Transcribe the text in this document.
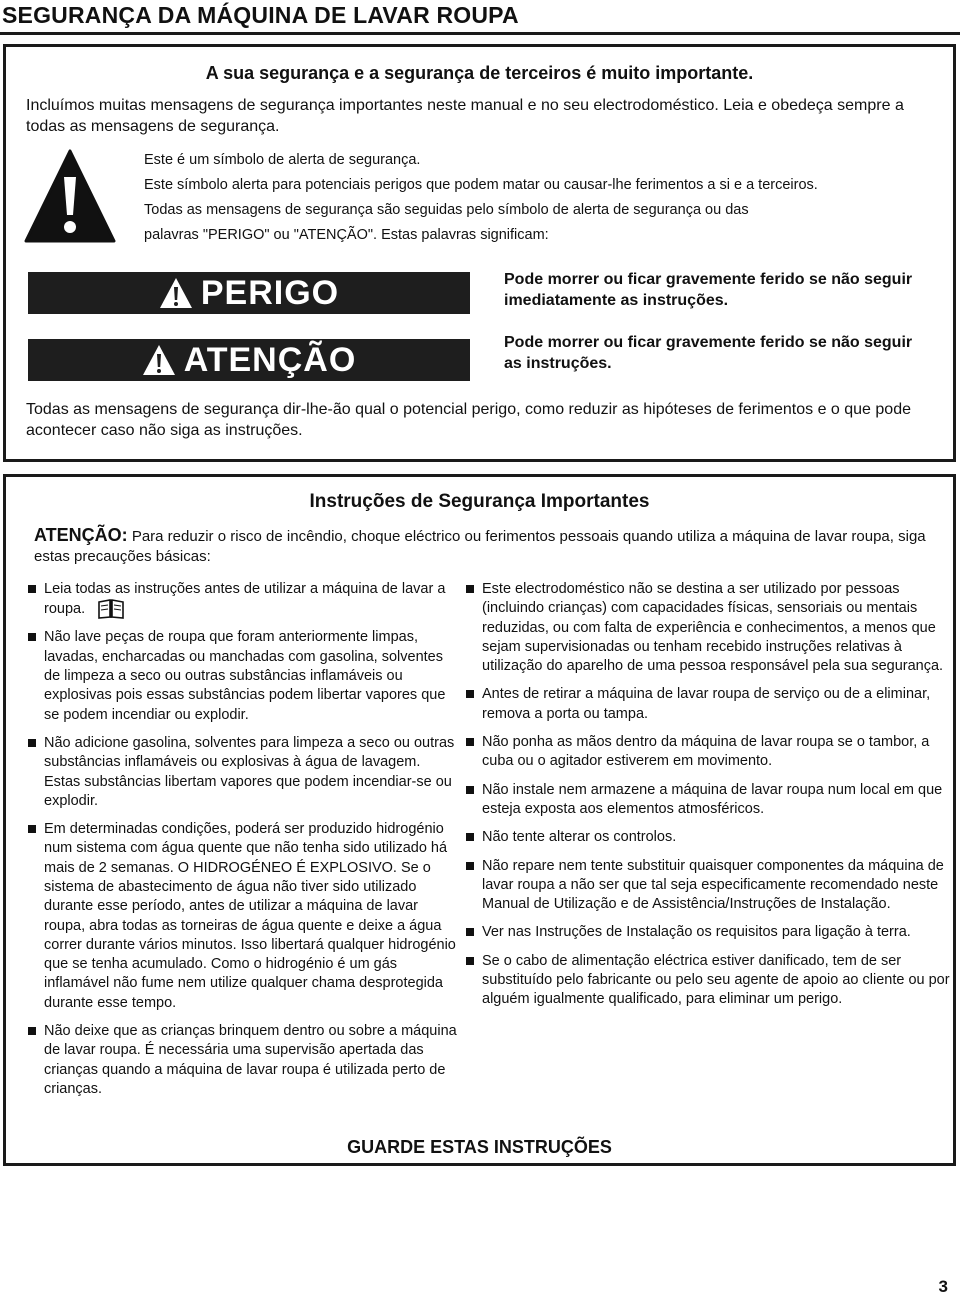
SEGURANÇA DA MÁQUINA DE LAVAR ROUPA
A sua segurança e a segurança de terceiros é muito importante.

Incluímos muitas mensagens de segurança importantes neste manual e no seu electrodoméstico. Leia e obedeça sempre a todas as mensagens de segurança.

Este é um símbolo de alerta de segurança.

Este símbolo alerta para potenciais perigos que podem matar ou causar-lhe ferimentos a si e a terceiros.

Todas as mensagens de segurança são seguidas pelo símbolo de alerta de segurança ou das

palavras "PERIGO" ou "ATENÇÃO". Estas palavras significam:

PERIGO	Pode morrer ou ficar gravemente ferido se não seguir imediatamente as instruções.

ATENÇÃO	Pode morrer ou ficar gravemente ferido se não seguir as instruções.

Todas as mensagens de segurança dir-lhe-ão qual o potencial perigo, como reduzir as hipóteses de ferimentos e o que pode acontecer caso não siga as instruções.

Instruções de Segurança Importantes

ATENÇÃO: Para reduzir o risco de incêndio, choque eléctrico ou ferimentos pessoais quando utiliza a máquina de lavar roupa, siga estas precauções básicas:

Leia todas as instruções antes de utilizar a máquina de lavar a roupa.

Não lave peças de roupa que foram anteriormente limpas, lavadas, encharcadas ou manchadas com gasolina, solventes de limpeza a seco ou outras substâncias inflamáveis ou explosivas pois essas substâncias podem libertar vapores que se podem incendiar ou explodir.

Não adicione gasolina, solventes para limpeza a seco ou outras substâncias inflamáveis ou explosivas à água de lavagem. Estas substâncias libertam vapores que podem incendiar-se ou explodir.

Em determinadas condições, poderá ser produzido hidrogénio num sistema com água quente que não tenha sido utilizado há mais de 2 semanas. O HIDROGÉNEO É EXPLOSIVO. Se o sistema de abastecimento de água não tiver sido utilizado durante esse período, antes de utilizar a máquina de lavar roupa, abra todas as torneiras de água quente e deixe a água correr durante vários minutos. Isso libertará qualquer hidrogénio que se tenha acumulado. Como o hidrogénio é um gás inflamável não fume nem utilize qualquer chama desprotegida durante esse tempo.

Não deixe que as crianças brinquem dentro ou sobre a máquina de lavar roupa. É necessária uma supervisão apertada das crianças quando a máquina de lavar roupa é utilizada perto de crianças.

Este electrodoméstico não se destina a ser utilizado por pessoas (incluindo crianças) com capacidades físicas, sensoriais ou mentais reduzidas, ou com falta de experiência e conhecimentos, a menos que sejam supervisionadas ou tenham recebido instruções relativas à utilização do aparelho de uma pessoa responsável pela sua segurança.

Antes de retirar a máquina de lavar roupa de serviço ou de a eliminar, remova a porta ou tampa.

Não ponha as mãos dentro da máquina de lavar roupa se o tambor, a cuba ou o agitador estiverem em movimento.

Não instale nem armazene a máquina de lavar roupa num local em que esteja exposta aos elementos atmosféricos.

Não tente alterar os controlos.

Não repare nem tente substituir quaisquer componentes da máquina de lavar roupa a não ser que tal seja especificamente recomendado neste Manual de Utilização e de Assistência/Instruções de Instalação.

Ver nas Instruções de Instalação os requisitos para ligação à terra.

Se o cabo de alimentação eléctrica estiver danificado, tem de ser substituído pelo fabricante ou pelo seu agente de apoio ao cliente ou por alguém igualmente qualificado, para eliminar um perigo.

GUARDE ESTAS INSTRUÇÕES

3
